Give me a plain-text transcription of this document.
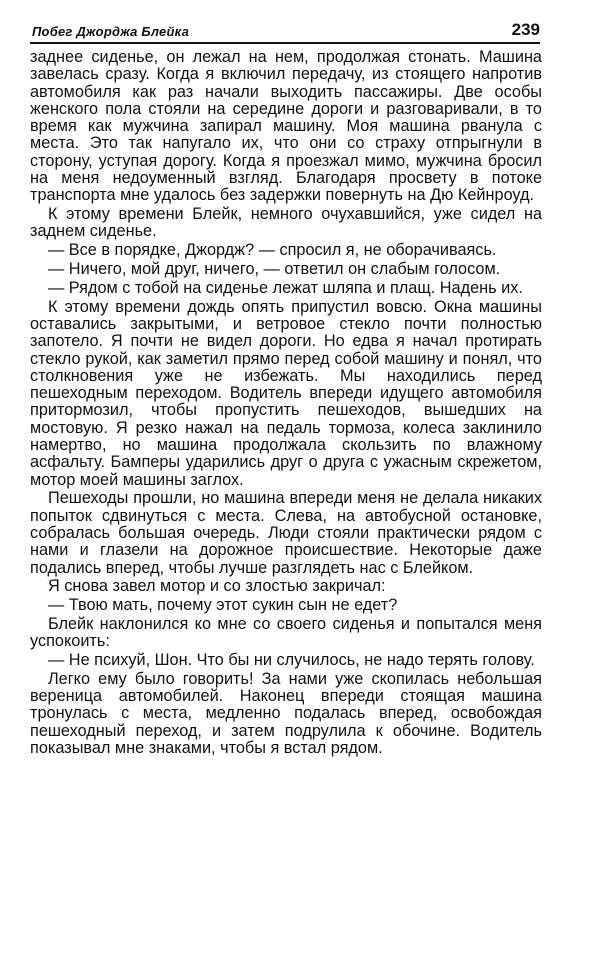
Побег Джорджа Блейка	239

заднее сиденье, он лежал на нем, продолжая стонать. Машина завелась сразу. Когда я включил передачу, из стоящего напротив автомобиля как раз начали выходить пассажиры. Две особы женского пола стояли на середине дороги и разговаривали, в то время как мужчина запирал машину. Моя машина рванула с места. Это так напугало их, что они со страху отпрыгнули в сторону, уступая дорогу. Когда я проезжал мимо, мужчина бросил на меня недоуменный взгляд. Благодаря просвету в потоке транспорта мне удалось без задержки повернуть на Дю Кейнроуд.

К этому времени Блейк, немного очухавшийся, уже сидел на заднем сиденье.

— Все в порядке, Джордж? — спросил я, не оборачиваясь.

— Ничего, мой друг, ничего, — ответил он слабым голосом.

— Рядом с тобой на сиденье лежат шляпа и плащ. Надень их.

К этому времени дождь опять припустил вовсю. Окна машины оставались закрытыми, и ветровое стекло почти полностью запотело. Я почти не видел дороги. Но едва я начал протирать стекло рукой, как заметил прямо перед собой машину и понял, что столкновения уже не избежать. Мы находились перед пешеходным переходом. Водитель впереди идущего автомобиля притормозил, чтобы пропустить пешеходов, вышедших на мостовую. Я резко нажал на педаль тормоза, колеса заклинило намертво, но машина продолжала скользить по влажному асфальту. Бамперы ударились друг о друга с ужасным скрежетом, мотор моей машины заглох.

Пешеходы прошли, но машина впереди меня не делала никаких попыток сдвинуться с места. Слева, на автобусной остановке, собралась большая очередь. Люди стояли практически рядом с нами и глазели на дорожное происшествие. Некоторые даже подались вперед, чтобы лучше разглядеть нас с Блейком.

Я снова завел мотор и со злостью закричал:

— Твою мать, почему этот сукин сын не едет?

Блейк наклонился ко мне со своего сиденья и попытался меня успокоить:

— Не психуй, Шон. Что бы ни случилось, не надо терять голову.

Легко ему было говорить! За нами уже скопилась небольшая вереница автомобилей. Наконец впереди стоящая машина тронулась с места, медленно подалась вперед, освобождая пешеходный переход, и затем подрулила к обочине. Водитель показывал мне знаками, чтобы я встал рядом.
